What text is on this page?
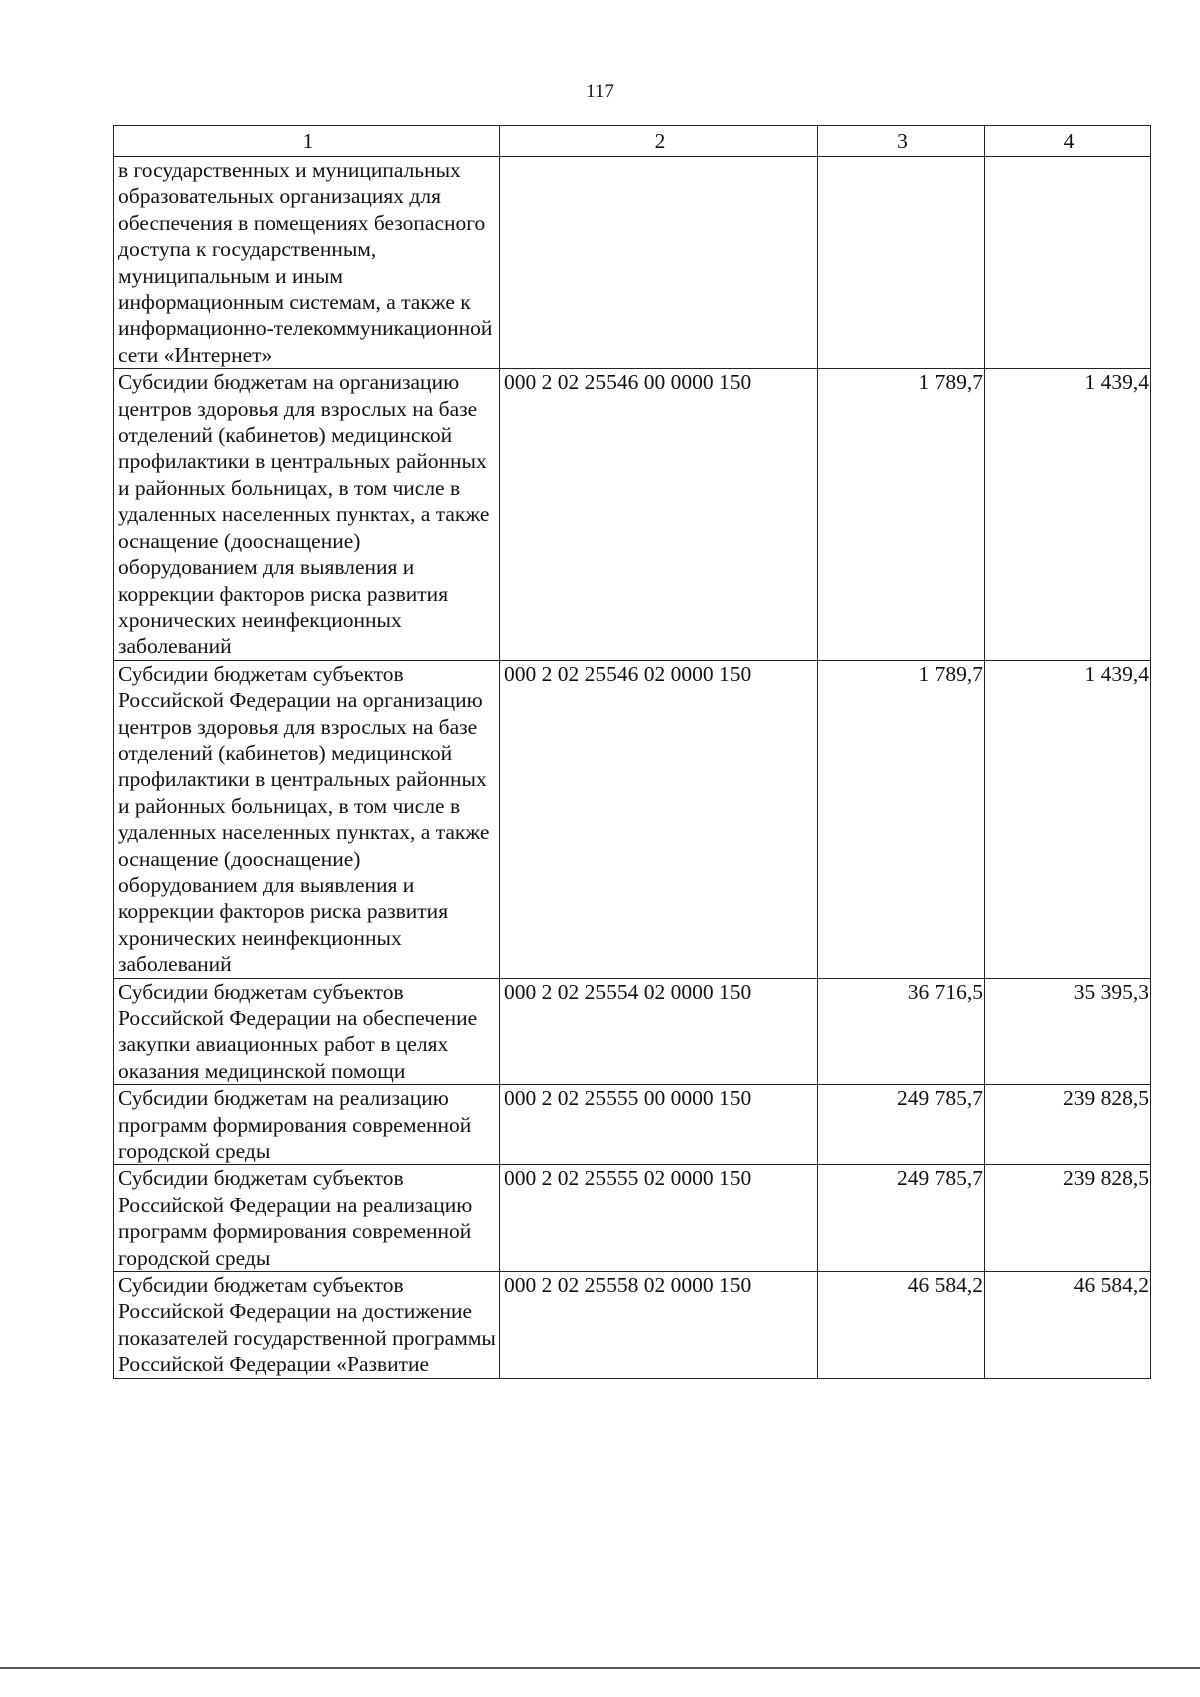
117
1	2	3	4
в государственных и муниципальных образовательных организациях для обеспечения в помещениях безопасного доступа к государственным, муниципальным и иным информационным системам, а также к информационно-телекоммуникационной сети «Интернет»			
Субсидии бюджетам на организацию центров здоровья для взрослых на базе отделений (кабинетов) медицинской профилактики в центральных районных и районных больницах, в том числе в удаленных населенных пунктах, а также оснащение (дооснащение) оборудованием для выявления и коррекции факторов риска развития хронических неинфекционных заболеваний	000 2 02 25546 00 0000 150	1 789,7	1 439,4
Субсидии бюджетам субъектов Российской Федерации на организацию центров здоровья для взрослых на базе отделений (кабинетов) медицинской профилактики в центральных районных и районных больницах, в том числе в удаленных населенных пунктах, а также оснащение (дооснащение) оборудованием для выявления и коррекции факторов риска развития хронических неинфекционных заболеваний	000 2 02 25546 02 0000 150	1 789,7	1 439,4
Субсидии бюджетам субъектов Российской Федерации на обеспечение закупки авиационных работ в целях оказания медицинской помощи	000 2 02 25554 02 0000 150	36 716,5	35 395,3
Субсидии бюджетам на реализацию программ формирования современной городской среды	000 2 02 25555 00 0000 150	249 785,7	239 828,5
Субсидии бюджетам субъектов Российской Федерации на реализацию программ формирования современной городской среды	000 2 02 25555 02 0000 150	249 785,7	239 828,5
Субсидии бюджетам субъектов Российской Федерации на достижение показателей государственной программы Российской Федерации «Развитие	000 2 02 25558 02 0000 150	46 584,2	46 584,2
